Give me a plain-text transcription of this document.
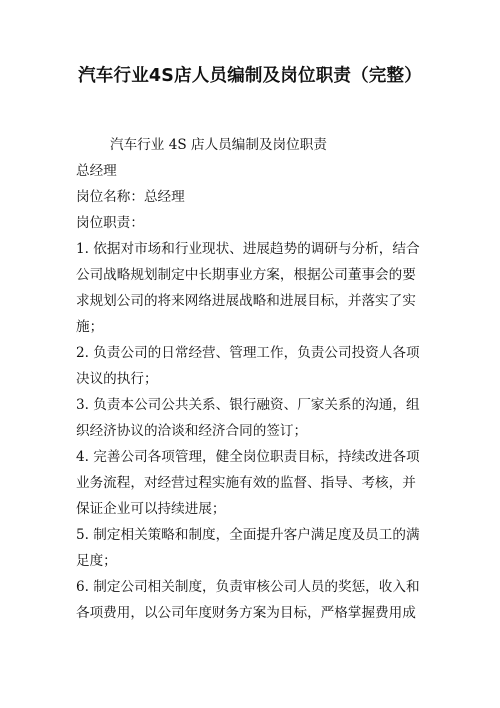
汽车行业4S店人员编制及岗位职责（完整）
汽车行业 4S 店人员编制及岗位职责
总经理
岗位名称：总经理
岗位职责：
1. 依据对市场和行业现状、进展趋势的调研与分析，结合
公司战略规划制定中长期事业方案，根据公司董事会的要
求规划公司的将来网络进展战略和进展目标，并落实了实
施；
2. 负责公司的日常经营、管理工作，负责公司投资人各项
决议的执行；
3. 负责本公司公共关系、银行融资、厂家关系的沟通，组
织经济协议的洽谈和经济合同的签订；
4. 完善公司各项管理，健全岗位职责目标，持续改进各项
业务流程，对经营过程实施有效的监督、指导、考核，并
保证企业可以持续进展；
5. 制定相关策略和制度，全面提升客户满足度及员工的满
足度；
6. 制定公司相关制度，负责审核公司人员的奖惩，收入和
各项费用，以公司年度财务方案为目标，严格掌握费用成
